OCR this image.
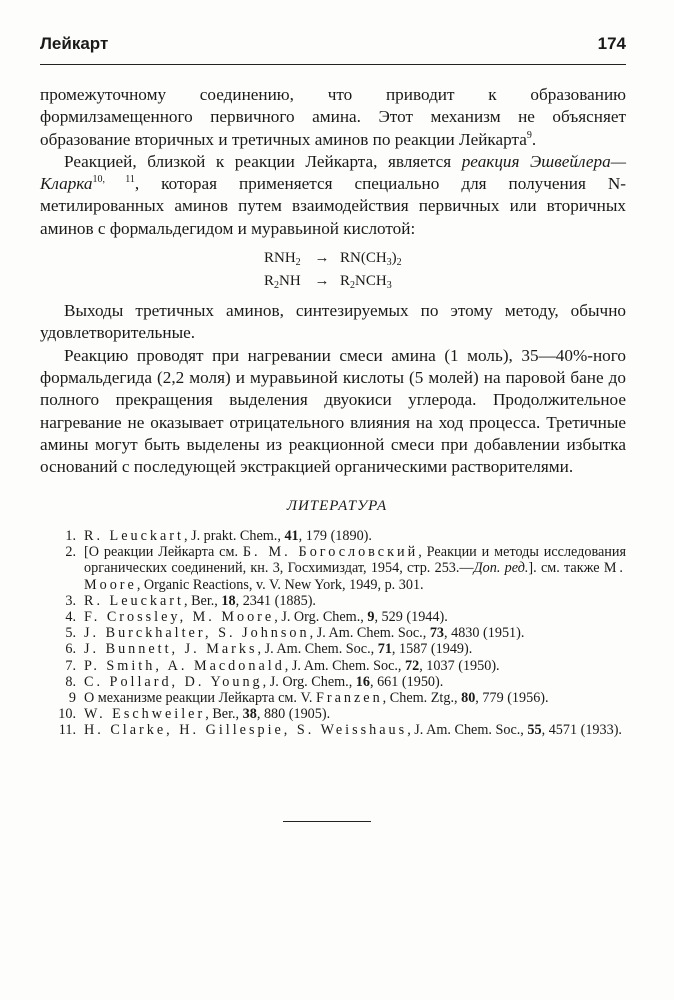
Лейкарт	174

промежуточному соединению, что приводит к образованию формилзамещенного первичного амина. Этот механизм не объясняет образование вторичных и третичных аминов по реакции Лейкарта$^9$.

Реакцией, близкой к реакции Лейкарта, является реакция Эшвейлера—Кларка$^{10, 11}$, которая применяется специально для получения N-метилированных аминов путем взаимодействия первичных или вторичных аминов с формальдегидом и муравьиной кислотой:

$RNH_2 \to RN(CH_3)_2$
$R_2NH \to R_2NCH_3$

Выходы третичных аминов, синтезируемых по этому методу, обычно удовлетворительные.

Реакцию проводят при нагревании смеси амина (1 моль), 35—40%-ного формальдегида (2,2 моля) и муравьиной кислоты (5 молей) на паровой бане до полного прекращения выделения двуокиси углерода. Продолжительное нагревание не оказывает отрицательного влияния на ход процесса. Третичные амины могут быть выделены из реакционной смеси при добавлении избытка оснований с последующей экстракцией органическими растворителями.

ЛИТЕРАТУРА
1. R. Leuckart, J. prakt. Chem., 41, 179 (1890).
2. [О реакции Лейкарта см. Б. М. Богословский, Реакции и методы исследования органических соединений, кн. 3, Госхимиздат, 1954, стр. 253.—Доп. ред.]. см. также M. Moore, Organic Reactions, v. V. New York, 1949, p. 301.
3. R. Leuckart, Ber., 18, 2341 (1885).
4. F. Crossley, M. Moore, J. Org. Chem., 9, 529 (1944).
5. J. Burckhalter, S. Johnson, J. Am. Chem. Soc., 73, 4830 (1951).
6. J. Bunnett, J. Marks, J. Am. Chem. Soc., 71, 1587 (1949).
7. P. Smith, A. Macdonald, J. Am. Chem. Soc., 72, 1037 (1950).
8. C. Pollard, D. Young, J. Org. Chem., 16, 661 (1950).
9 О механизме реакции Лейкарта см. V. Franzen, Chem. Ztg., 80, 779 (1956).
10. W. Eschweiler, Ber., 38, 880 (1905).
11. H. Clarke, H. Gillespie, S. Weisshaus, J. Am. Chem. Soc., 55, 4571 (1933).
